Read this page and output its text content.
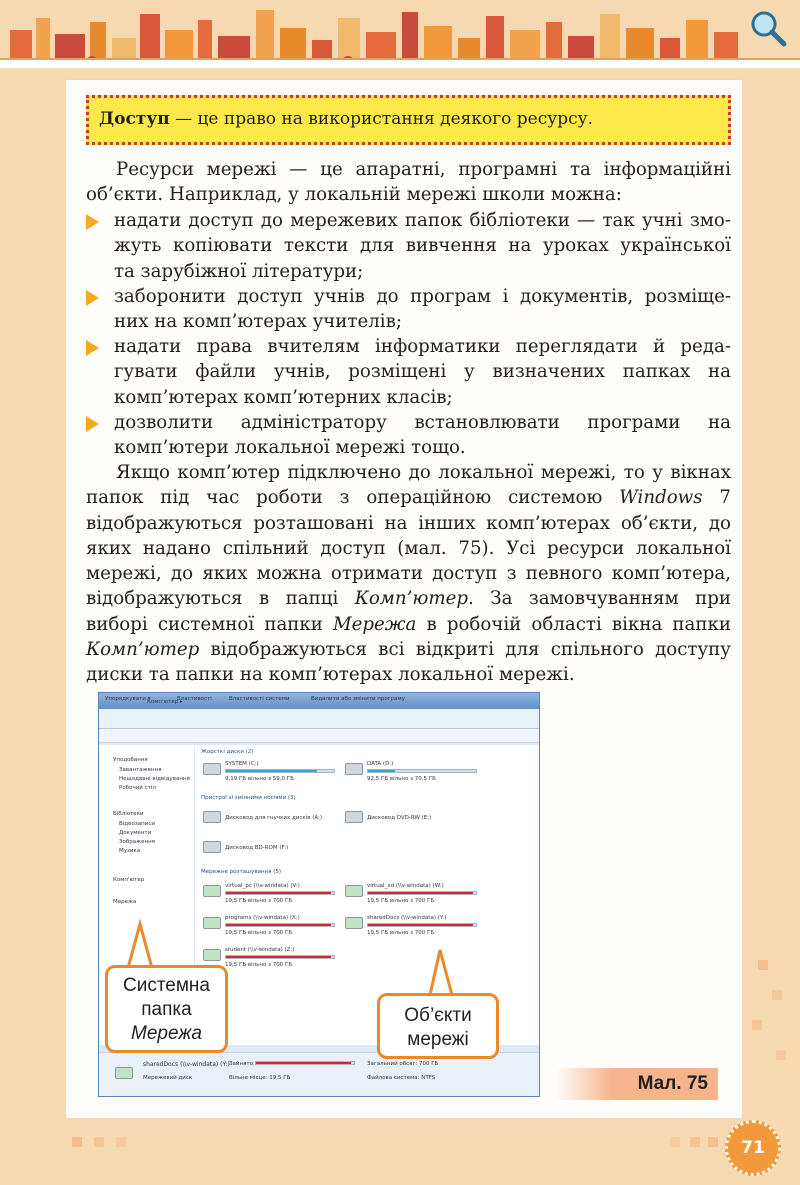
Доступ — це право на використання деякого ресурсу.
Ресурси мережі — це апаратні, програмні та інформаційні
об’єкти. Наприклад, у локальній мережі школи можна:
надати доступ до мережевих папок бібліотеки — так учні змо-
жуть копіювати тексти для вивчення на уроках української
та зарубіжної літератури;
заборонити доступ учнів до програм і документів, розміще-
них на комп’ютерах учителів;
надати права вчителям інформатики переглядати й реда-
гувати файли учнів, розміщені у визначених папках на
комп’ютерах комп’ютерних класів;
дозволити адміністратору встановлювати програми на
комп’ютери локальної мережі тощо.
Якщо комп’ютер підключено до локальної мережі, то у вікнах папок під час роботи з операційною системою Windows 7 відображуються розташовані на інших комп’ютерах об’єкти, до яких надано спільний доступ (мал. 75). Усі ресурси локальної мережі, до яких можна отримати доступ з певного комп’ютера, відображуються в папці Комп’ютер. За замовчуванням при виборі системної папки Мережа в робочій області вікна папки Комп’ютер відображуються всі відкриті для спільного доступу диски та папки на комп’ютерах локальної мережі.
Комп'ютер ▸
Упорядкувати ▾	Властивості	Властивості системи	Видалити або змінити програму
Уподобання
Завантаження
Нещодавні відвідування
Робочий стіл
Бібліотеки
Відеозаписи
Документи
Зображення
Музика
Комп'ютер
Мережа
Жорсткі диски (2)
SYSTEM (C:)
9,19 ГБ вільно з 59,0 ГБ
DATA (D:)
92,5 ГБ вільно з 70,5 ГБ
Пристрої зі змінними носіями (3)
Дисковод для гнучких дисків (A:)	Дисковод DVD-RW (E:)
Дисковод BD-ROM (F:)
Мережне розташування (5)
virtual_pc (\\v-windata) (V:)
19,5 ГБ вільно з 700 ГБ
virtual_xd (\\v-windata) (W:)
19,5 ГБ вільно з 700 ГБ
programs (\\v-windata) (X:)
19,5 ГБ вільно з 700 ГБ
sharedDocs (\\v-windata) (Y:)
19,5 ГБ вільно з 700 ГБ
student (\\v-windata) (Z:)
19,5 ГБ вільно з 700 ГБ
sharedDocs (\\v-windata) (Y:)
Мережевий диск
Зайнято:
Вільне місце: 19,5 ГБ
Загальний обсяг: 700 ГБ
Файлова система: NTFS
Системна
папка
Мережа
Об’єкти
мережі
Мал. 75
71
